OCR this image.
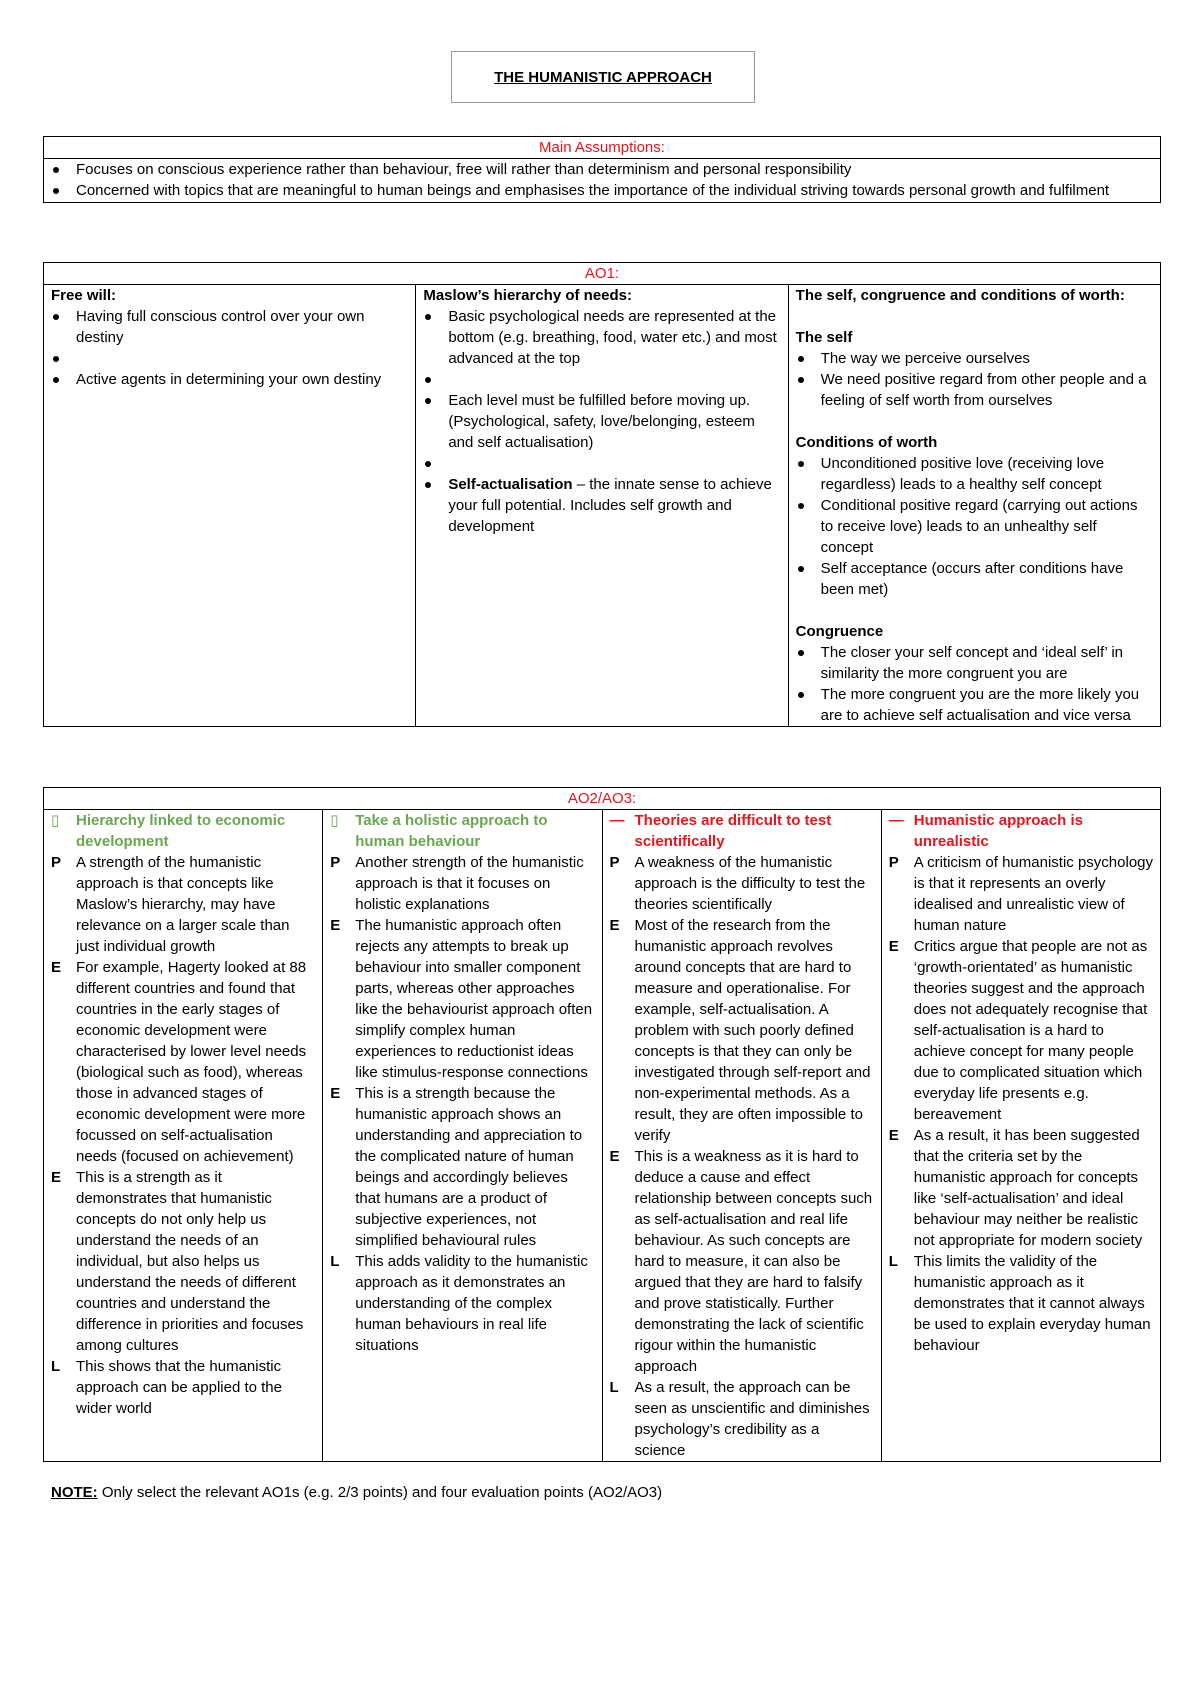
THE HUMANISTIC APPROACH
Main Assumptions:

Focuses on conscious experience rather than behaviour, free will rather than determinism and personal responsibility
Concerned with topics that are meaningful to human beings and emphasises the importance of the individual striving towards personal growth and fulfilment
AO1:

Free will:
Having full conscious control over your own destiny
Active agents in determining your own destiny

Maslow’s hierarchy of needs:
Basic psychological needs are represented at the bottom (e.g. breathing, food, water etc.) and most advanced at the top
Each level must be fulfilled before moving up. (Psychological, safety, love/belonging, esteem and self actualisation)
Self-actualisation – the innate sense to achieve your full potential. Includes self growth and development

The self, congruence and conditions of worth:
The self
The way we perceive ourselves
We need positive regard from other people and a feeling of self worth from ourselves
Conditions of worth
Unconditioned positive love (receiving love regardless) leads to a healthy self concept
Conditional positive regard (carrying out actions to receive love) leads to an unhealthy self concept
Self acceptance (occurs after conditions have been met)
Congruence
The closer your self concept and ‘ideal self’ in similarity the more congruent you are
The more congruent you are the more likely you are to achieve self actualisation and vice versa
AO2/AO3:

▯	Hierarchy linked to economic development
P A strength of the humanistic approach is that concepts like Maslow’s hierarchy, may have relevance on a larger scale than just individual growth
E For example, Hagerty looked at 88 different countries and found that countries in the early stages of economic development were characterised by lower level needs (biological such as food), whereas those in advanced stages of economic development were more focussed on self-actualisation needs (focused on achievement)
E This is a strength as it demonstrates that humanistic concepts do not only help us understand the needs of an individual, but also helps us understand the needs of different countries and understand the difference in priorities and focuses among cultures
L	This shows that the humanistic approach can be applied to the wider world

▯	Take a holistic approach to human behaviour
P Another strength of the humanistic approach is that it focuses on holistic explanations
E The humanistic approach often rejects any attempts to break up behaviour into smaller component parts, whereas other approaches like the behaviourist approach often simplify complex human experiences to reductionist ideas like stimulus-response connections
E This is a strength because the humanistic approach shows an understanding and appreciation to the complicated nature of human beings and accordingly believes that humans are a product of subjective experiences, not simplified behavioural rules
L	This adds validity to the humanistic approach as it demonstrates an understanding of the complex human behaviours in real life situations

— Theories are difficult to test scientifically
P A weakness of the humanistic approach is the difficulty to test the theories scientifically
E Most of the research from the humanistic approach revolves around concepts that are hard to measure and operationalise. For example, self-actualisation. A problem with such poorly defined concepts is that they can only be investigated through self-report and non-experimental methods. As a result, they are often impossible to verify
E This is a weakness as it is hard to deduce a cause and effect relationship between concepts such as self-actualisation and real life behaviour. As such concepts are hard to measure, it can also be argued that they are hard to falsify and prove statistically. Further demonstrating the lack of scientific rigour within the humanistic approach
L	As a result, the approach can be seen as unscientific and diminishes psychology’s credibility as a science

— Humanistic approach is unrealistic
P A criticism of humanistic psychology is that it represents an overly idealised and unrealistic view of human nature
E Critics argue that people are not as ‘growth-orientated’ as humanistic theories suggest and the approach does not adequately recognise that self-actualisation is a hard to achieve concept for many people due to complicated situation which everyday life presents e.g. bereavement
E As a result, it has been suggested that the criteria set by the humanistic approach for concepts like ‘self-actualisation’ and ideal behaviour may neither be realistic not appropriate for modern society
L	This limits the validity of the humanistic approach as it demonstrates that it cannot always be used to explain everyday human behaviour
NOTE: Only select the relevant AO1s (e.g. 2/3 points) and four evaluation points (AO2/AO3)
